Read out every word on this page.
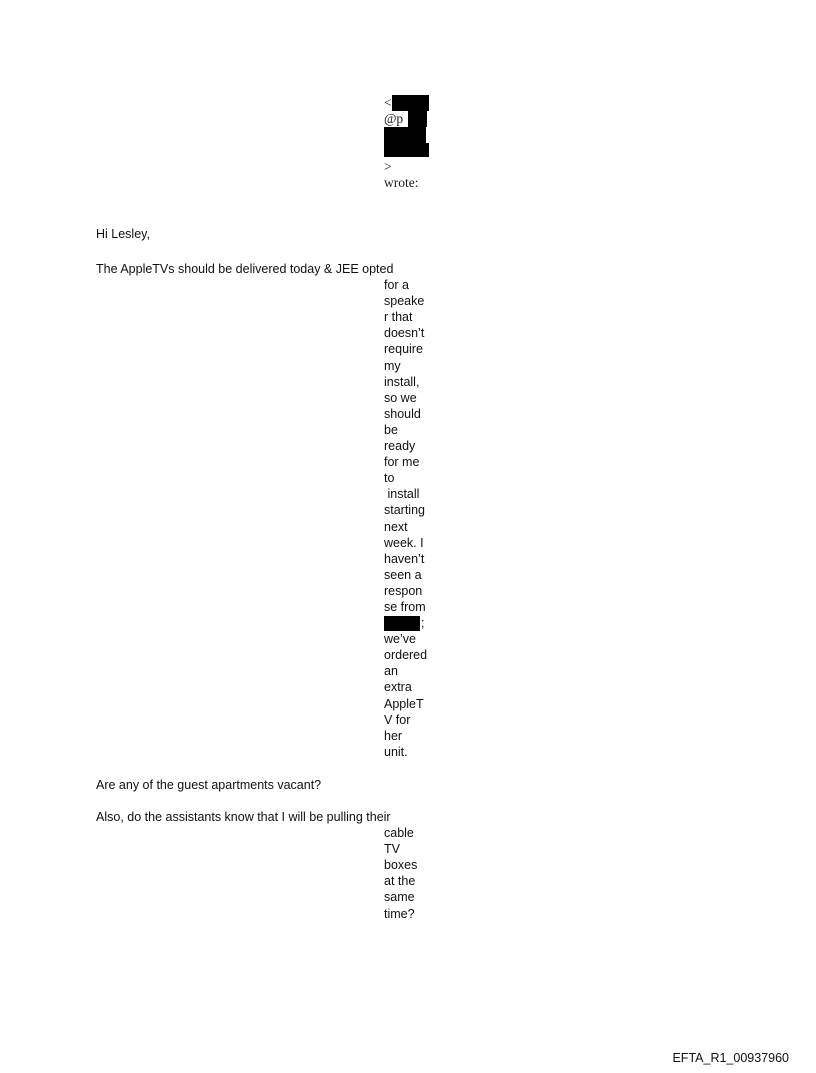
<
@p
>
wrote:
Hi Lesley,
The AppleTVs should be delivered today & JEE opted
for a
speake
r that
doesn’t
require
my
install,
so we
should
be
ready
for me
to
install
starting
next
week. I
haven’t
seen a
respon
se from
;
we’ve
ordered
an
extra
AppleT
V for
her
unit.
Are any of the guest apartments vacant?
Also, do the assistants know that I will be pulling their
cable
TV
boxes
at the
same
time?
EFTA_R1_00937960
